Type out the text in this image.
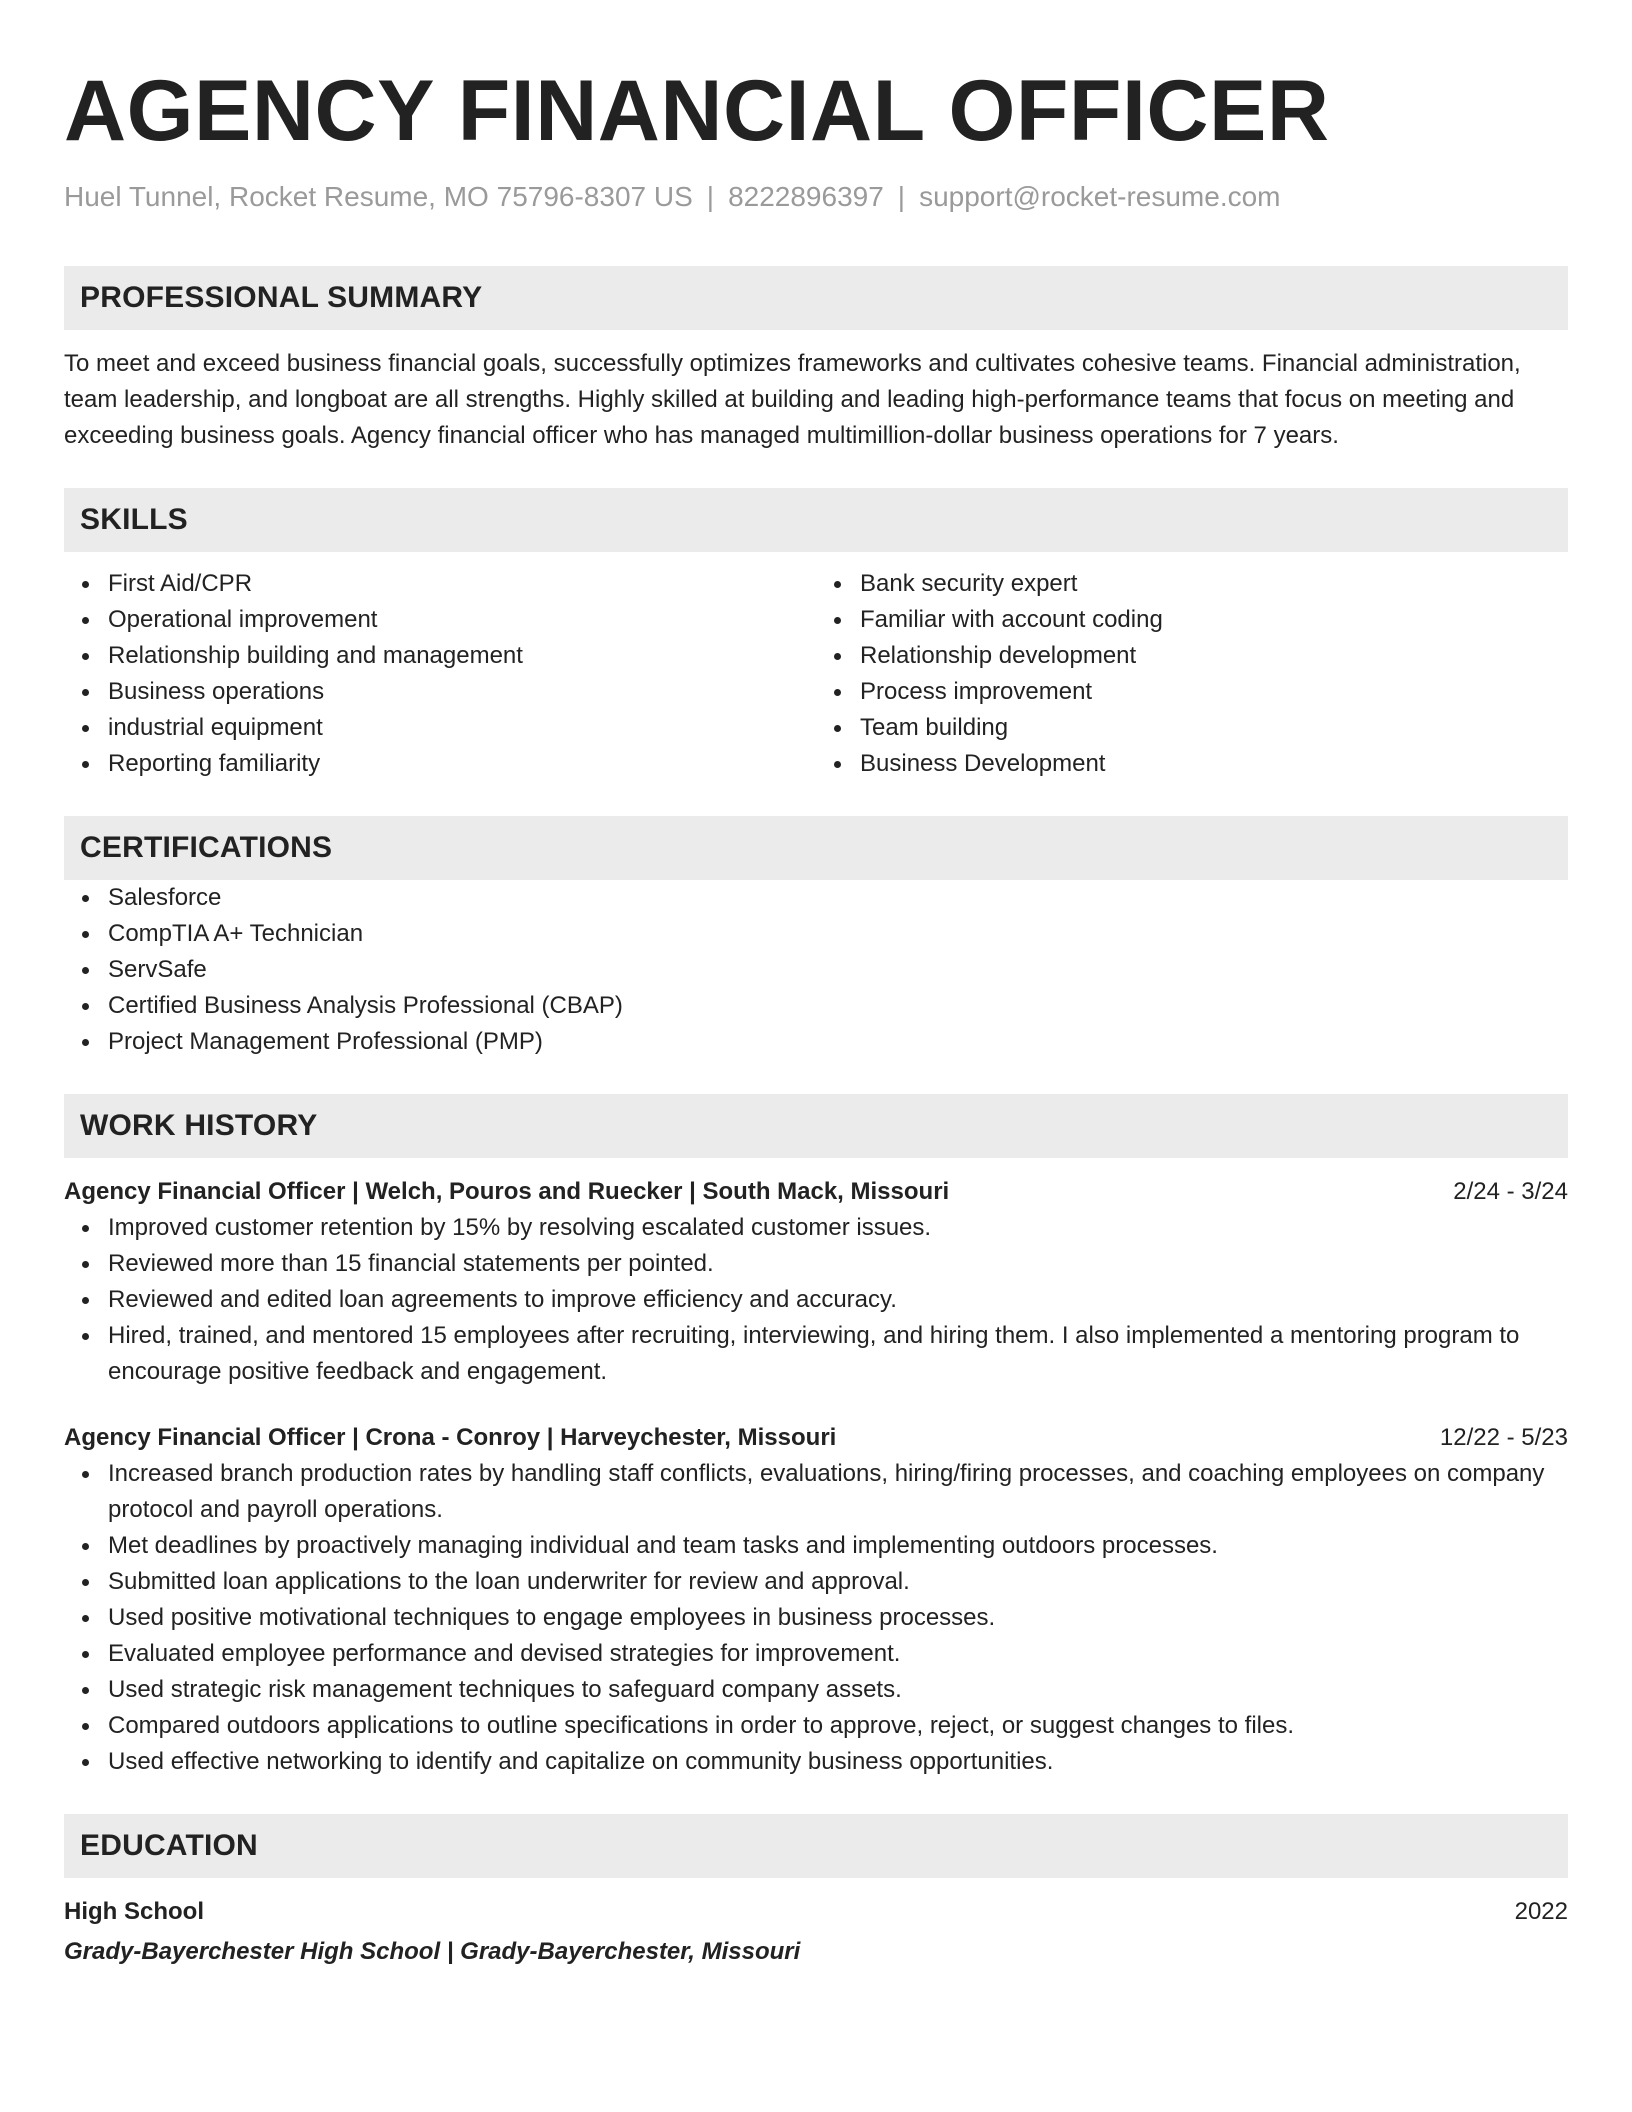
AGENCY FINANCIAL OFFICER
Huel Tunnel, Rocket Resume, MO 75796-8307 US | 8222896397 | support@rocket-resume.com
PROFESSIONAL SUMMARY

To meet and exceed business financial goals, successfully optimizes frameworks and cultivates cohesive teams. Financial administration, team leadership, and longboat are all strengths. Highly skilled at building and leading high-performance teams that focus on meeting and exceeding business goals. Agency financial officer who has managed multimillion-dollar business operations for 7 years.

SKILLS
First Aid/CPR
Operational improvement
Relationship building and management
Business operations
industrial equipment
Reporting familiarity
Bank security expert
Familiar with account coding
Relationship development
Process improvement
Team building
Business Development
CERTIFICATIONS
Salesforce
CompTIA A+ Technician
ServSafe
Certified Business Analysis Professional (CBAP)
Project Management Professional (PMP)
WORK HISTORY
Agency Financial Officer | Welch, Pouros and Ruecker | South Mack, Missouri	2/24 - 3/24
Improved customer retention by 15% by resolving escalated customer issues.
Reviewed more than 15 financial statements per pointed.
Reviewed and edited loan agreements to improve efficiency and accuracy.
Hired, trained, and mentored 15 employees after recruiting, interviewing, and hiring them. I also implemented a mentoring program to encourage positive feedback and engagement.
Agency Financial Officer | Crona - Conroy | Harveychester, Missouri	12/22 - 5/23
Increased branch production rates by handling staff conflicts, evaluations, hiring/firing processes, and coaching employees on company protocol and payroll operations.
Met deadlines by proactively managing individual and team tasks and implementing outdoors processes.
Submitted loan applications to the loan underwriter for review and approval.
Used positive motivational techniques to engage employees in business processes.
Evaluated employee performance and devised strategies for improvement.
Used strategic risk management techniques to safeguard company assets.
Compared outdoors applications to outline specifications in order to approve, reject, or suggest changes to files.
Used effective networking to identify and capitalize on community business opportunities.
EDUCATION
High School	2022
Grady-Bayerchester High School | Grady-Bayerchester, Missouri
